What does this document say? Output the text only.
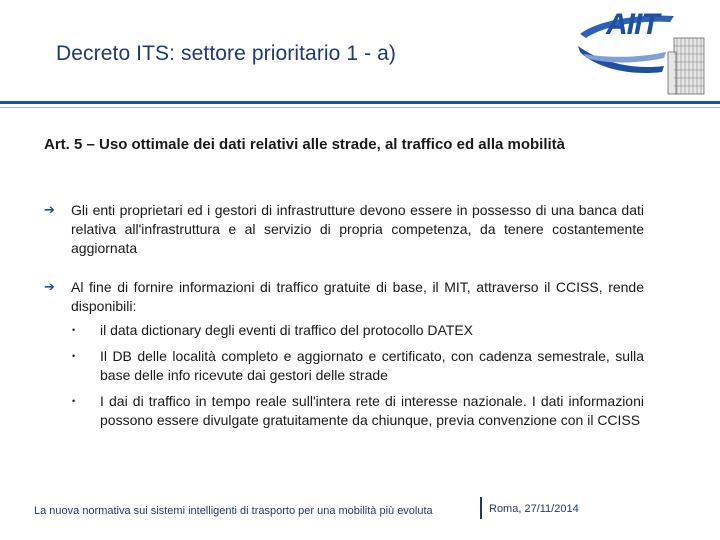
Decreto ITS: settore prioritario 1 - a)
AIIT
Art. 5 – Uso ottimale dei dati relativi alle strade, al traffico ed alla mobilità
➔	Gli enti proprietari ed i gestori di infrastrutture devono essere in possesso di una banca dati relativa all'infrastruttura e al servizio di propria competenza, da tenere costantemente aggiornata
➔	Al fine di fornire informazioni di traffico gratuite di base, il MIT, attraverso il CCISS, rende disponibili:
• il data dictionary degli eventi di traffico del protocollo DATEX
• Il DB delle località completo e aggiornato e certificato, con cadenza semestrale, sulla base delle info ricevute dai gestori delle strade
• I dai di traffico in tempo reale sull'intera rete di interesse nazionale. I dati informazioni possono essere divulgate gratuitamente da chiunque, previa convenzione con il CCISS
La nuova normativa sui sistemi intelligenti di trasporto per una mobilità più evoluta	Roma, 27/11/2014
